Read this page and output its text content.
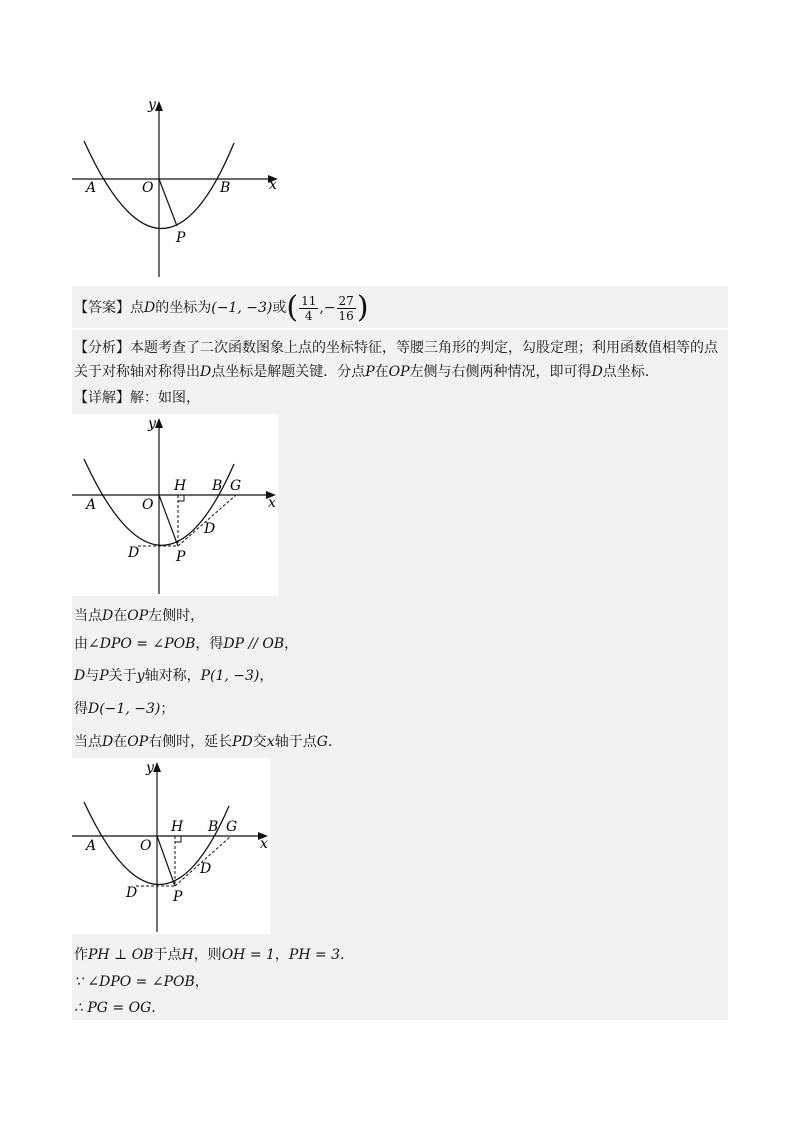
y
x
A	O	B
P
【答案】点D的坐标为(−1, −3)或( $\frac{11}{4}$ ,− $\frac{27}{16}$ )
【分析】本题考查了二次函数图象上点的坐标特征，等腰三角形的判定，勾股定理；利用函数值相等的点
关于对称轴对称得出D点坐标是解题关键．分点P在OP左侧与右侧两种情况，即可得D点坐标.
【详解】解：如图，
y
x
A	O
H B G
D
D	P
当点D在OP左侧时，
由∠DPO = ∠POB，得DP // OB，
D与P关于y轴对称，P(1, −3)，
得D(−1, −3)；
当点D在OP右侧时，延长PD交x轴于点G.
y
x
A	O
H B G
D
D	P
作PH ⊥ OB于点H，则OH = 1，PH = 3．
∵ ∠DPO = ∠POB，
∴ PG = OG．
